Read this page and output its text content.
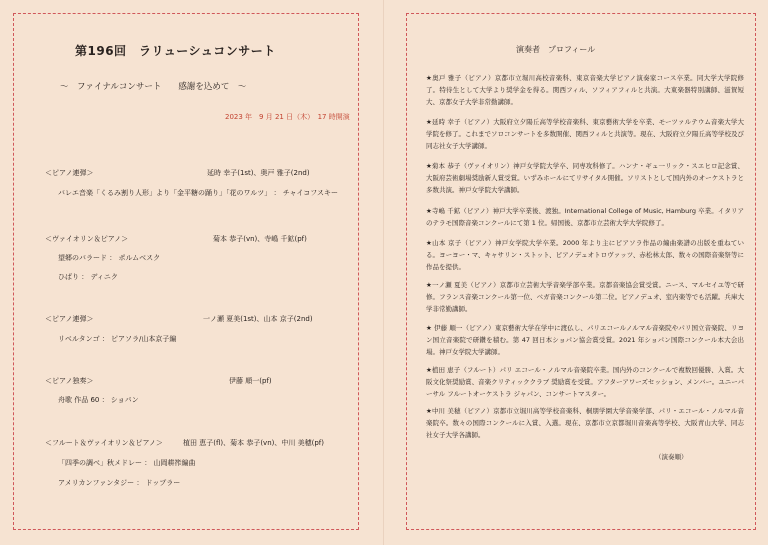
第196回　ラリューシュコンサート
～　ファイナルコンサート　　感謝を込めて　～
2023 年　9 月 21 日（木）　17 時開演
＜ピアノ連弾＞	延時 幸子(1st)、奥戸 雅子(2nd)
バレエ音楽「くるみ割り人形」より「金平糖の踊り」「花のワルツ」 ： チャイコフスキー
＜ヴァイオリン＆ピアノ＞	菊本 恭子(vn)、寺嶋 千鉱(pf)
望郷のバラード ： ポルムベスク
ひばり ： ディニク
＜ピアノ連弾＞	一ノ瀬 夏美(1st)、山本 京子(2nd)
リベルタンゴ ： ピアソラ/山本京子編
＜ピアノ独奏＞	伊藤 順一(pf)
舟歌 作品 60 ： ショパン
＜フルート＆ヴァイオリン＆ピアノ＞	植田 恵子(fl)、菊本 恭子(vn)、中川 美穂(pf)
「四季の調べ」秋メドレー ： 山岡耕筰編曲
アメリカンファンタジー ： ドップラー
演奏者　プロフィール
★奥戸 雅子（ピアノ）京都市立堀川高校音楽科、東京音楽大学ピアノ演奏家コース卒業。同大学大学院修了。特待生として大学より奨学金を得る。関西フィル、ソフィアフィルと共演。大東楽器特別講師、滋賀短大、京都女子大学非常勤講師。
★延時 幸子（ピアノ）大阪府立夕陽丘高等学校音楽科、東京藝術大学を卒業、モーツァルテウム音楽大学大学院を修了。これまでソロコンサートを多数開催、関西フィルと共演等。現在、大阪府立夕陽丘高等学校及び同志社女子大学講師。
★菊本 恭子（ヴァイオリン）神戸女学院大学卒、同専攻科修了。ハンナ・ギュ一リック・スエヒロ記念賞、大阪府芸術劇場奨励新人賞受賞。いずみホールにてリサイタル開催。ソリストとして国内外のオーケストラと多数共演。神戸女学院大学講師。
★寺嶋 千鉱（ピアノ）神戸大学卒業後、渡独。International College of Music, Hamburg 卒業。イタリアのテラモ国際音楽コンクールにて第 1 位。帰国後、京都市立芸術大学大学院修了。
★山本 京子（ピアノ）神戸女学院大学卒業。2000 年より主にピアソラ作品の編曲楽譜の出版を重ねている。ヨーヨー・マ、キャサリン・ストット、ピアノデュオトロヴァッツ、赤松林太郎、数々の国際音楽祭等に作品を提供。
★一ノ瀬 夏美（ピアノ）京都市立芸術大学音楽学部卒業。京都音楽協会賞受賞。ニース、マルセイユ等で研修。フランス音楽コンクール第一位、ベガ音楽コンクール第二位。ピアノデュオ、室内楽等でも活躍。兵庫大学非常勤講師。
★ 伊藤 順一（ピアノ）東京藝術大学在学中に渡仏し、パリエコールノルマル音楽院やパリ国立音楽院、リヨン国立音楽院で研鑽を積む。第 47 回日本ショパン協会賞受賞。2021 年ショパン国際コンクール本大会出場。神戸女学院大学講師。
★植田 恵子（フルート）パリ エコール・ノルマル音楽院卒業。国内外のコンクールで複数回優勝、入賞。大阪文化祭奨励賞、音楽クリティッククラブ 奨励賞を受賞。アフターアワーズセッション、メンバー。ユニーバーサル フルートオーケストラ ジャパン、コンサートマスター。
★中川 美穂（ピアノ）京都市立堀川高等学校音楽科、桐朋学園大学音楽学部、パリ・エコール・ノルマル音楽院卒。数々の国際コンクールに入賞、入選。現在、京都市立京都堀川音楽高等学校、大阪青山大学、同志社女子大学各講師。
（演奏順）
